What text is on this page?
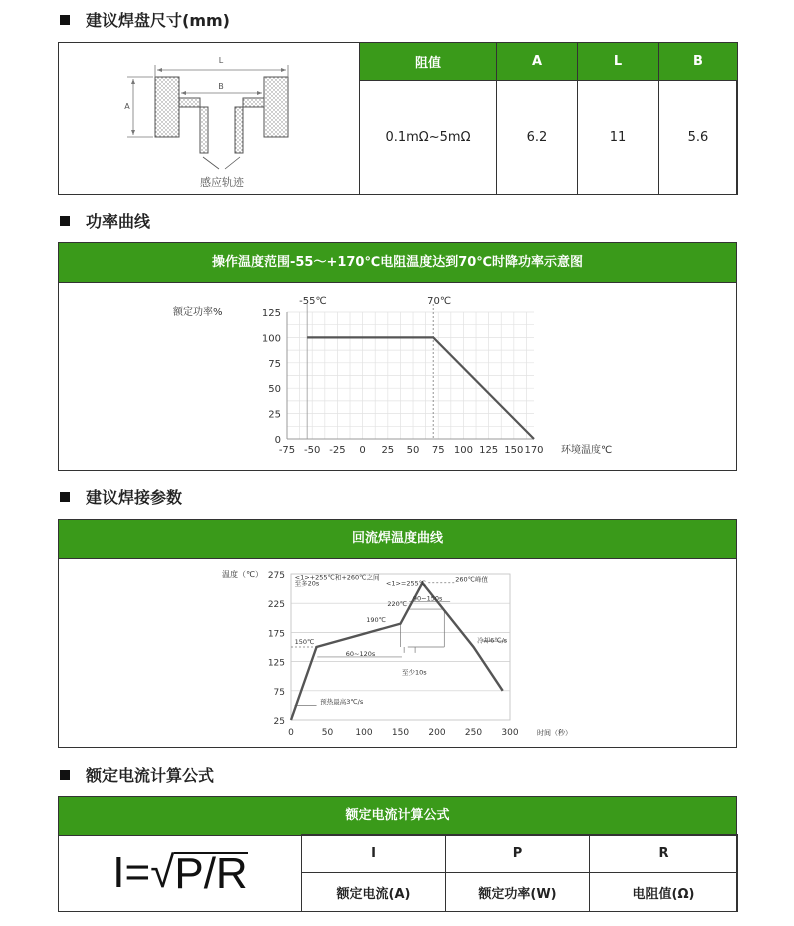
建议焊盘尺寸(mm)
L
B
A
感应轨迹
阻值	A	L	B
0.1mΩ~5mΩ	6.2	11	5.6
功率曲线
操作温度范围-55～+170℃电阻温度达到70℃时降功率示意图
额定功率%
环境温度℃
-55℃	70℃
-75 -50 -25 0 25 50 75 100 125 150 170
0
25
50
75
100
125
建议焊接参数
回流焊温度曲线
温度（℃）
时间（秒）
25
75
125
175
225
275
0	50 100 150 200 250 300
<1>+255℃和+260℃之间
至多20s	<1>=255℃
260℃峰值
220℃
190℃
150℃
90~150s
冷却6℃/s
60~120s
至少10s
预热最高3℃/s
额定电流计算公式
额定电流计算公式
I= √ P/R	I	P	R
额定电流(A)	额定功率(W)	电阻值(Ω)
